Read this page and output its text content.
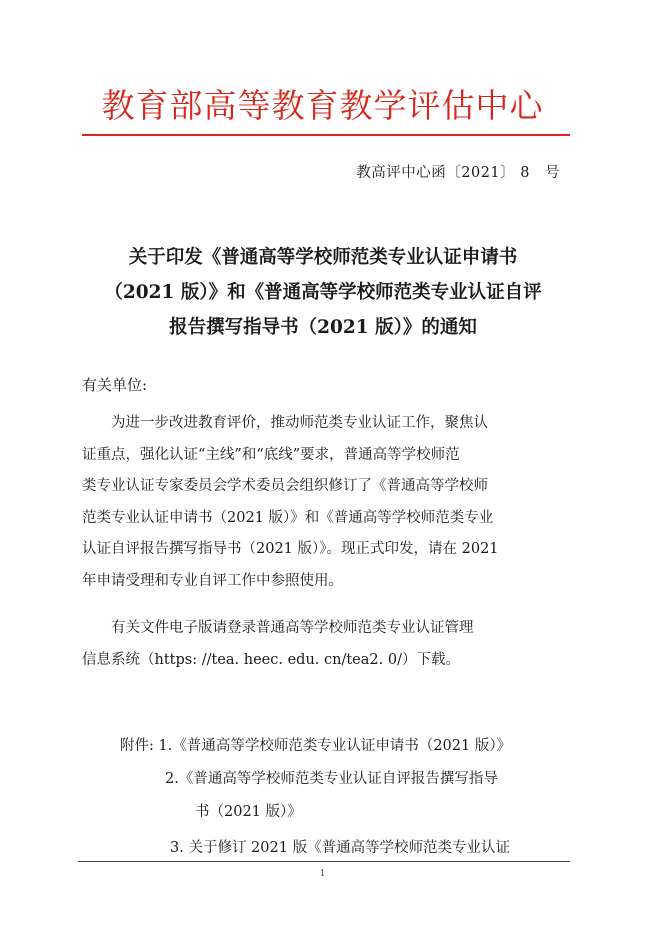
教育部高等教育教学评估中心
教高评中心函〔2021〕 8　号
关于印发《普通高等学校师范类专业认证申请书
（2021 版）》和《普通高等学校师范类专业认证自评
报告撰写指导书（2021 版）》的通知
有关单位:
　　为进一步改进教育评价，推动师范类专业认证工作，聚焦认
证重点，强化认证“主线”和“底线”要求，普通高等学校师范
类专业认证专家委员会学术委员会组织修订了《普通高等学校师
范类专业认证申请书（2021 版）》和《普通高等学校师范类专业
认证自评报告撰写指导书（2021 版）》。现正式印发，请在 2021
年申请受理和专业自评工作中参照使用。
　　有关文件电子版请登录普通高等学校师范类专业认证管理
信息系统（https: //tea. heec. edu. cn/tea2. 0/）下载。
附件: 1.《普通高等学校师范类专业认证申请书（2021 版）》
2.《普通高等学校师范类专业认证自评报告撰写指导
书（2021 版）》
3. 关于修订 2021 版《普通高等学校师范类专业认证
1
